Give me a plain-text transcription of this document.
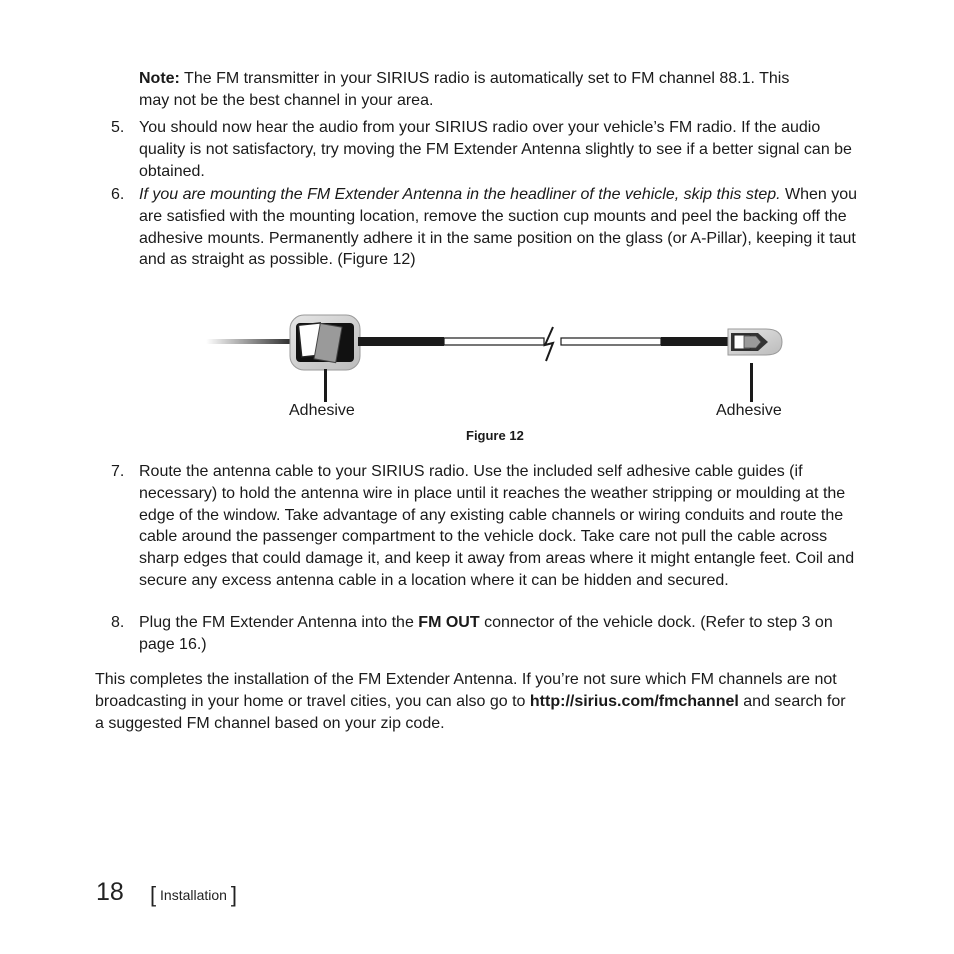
Note: The FM transmitter in your SIRIUS radio is automatically set to FM channel 88.1. This may not be the best channel in your area.

5. You should now hear the audio from your SIRIUS radio over your vehicle’s FM radio. If the audio quality is not satisfactory, try moving the FM Extender Antenna slightly to see if a better signal can be obtained.
6. If you are mounting the FM Extender Antenna in the headliner of the vehicle, skip this step. When you are satisfied with the mounting location, remove the suction cup mounts and peel the backing off the adhesive mounts. Permanently adhere it in the same position on the glass (or A-Pillar), keeping it taut and as straight as possible. (Figure 12)
Adhesive	Adhesive
Figure 12
7. Route the antenna cable to your SIRIUS radio. Use the included self adhesive cable guides (if necessary) to hold the antenna wire in place until it reaches the weather stripping or moulding at the edge of the window. Take advantage of any existing cable channels or wiring conduits and route the cable around the passenger compartment to the vehicle dock. Take care not pull the cable across sharp edges that could damage it, and keep it away from areas where it might entangle feet. Coil and secure any excess antenna cable in a location where it can be hidden and secured.
8. Plug the FM Extender Antenna into the FM OUT connector of the vehicle dock. (Refer to step 3 on page 16.)

This completes the installation of the FM Extender Antenna. If you’re not sure which FM channels are not broadcasting in your home or travel cities, you can also go to http://sirius.com/fmchannel and search for a suggested FM channel based on your zip code.

18 [ Installation ]
